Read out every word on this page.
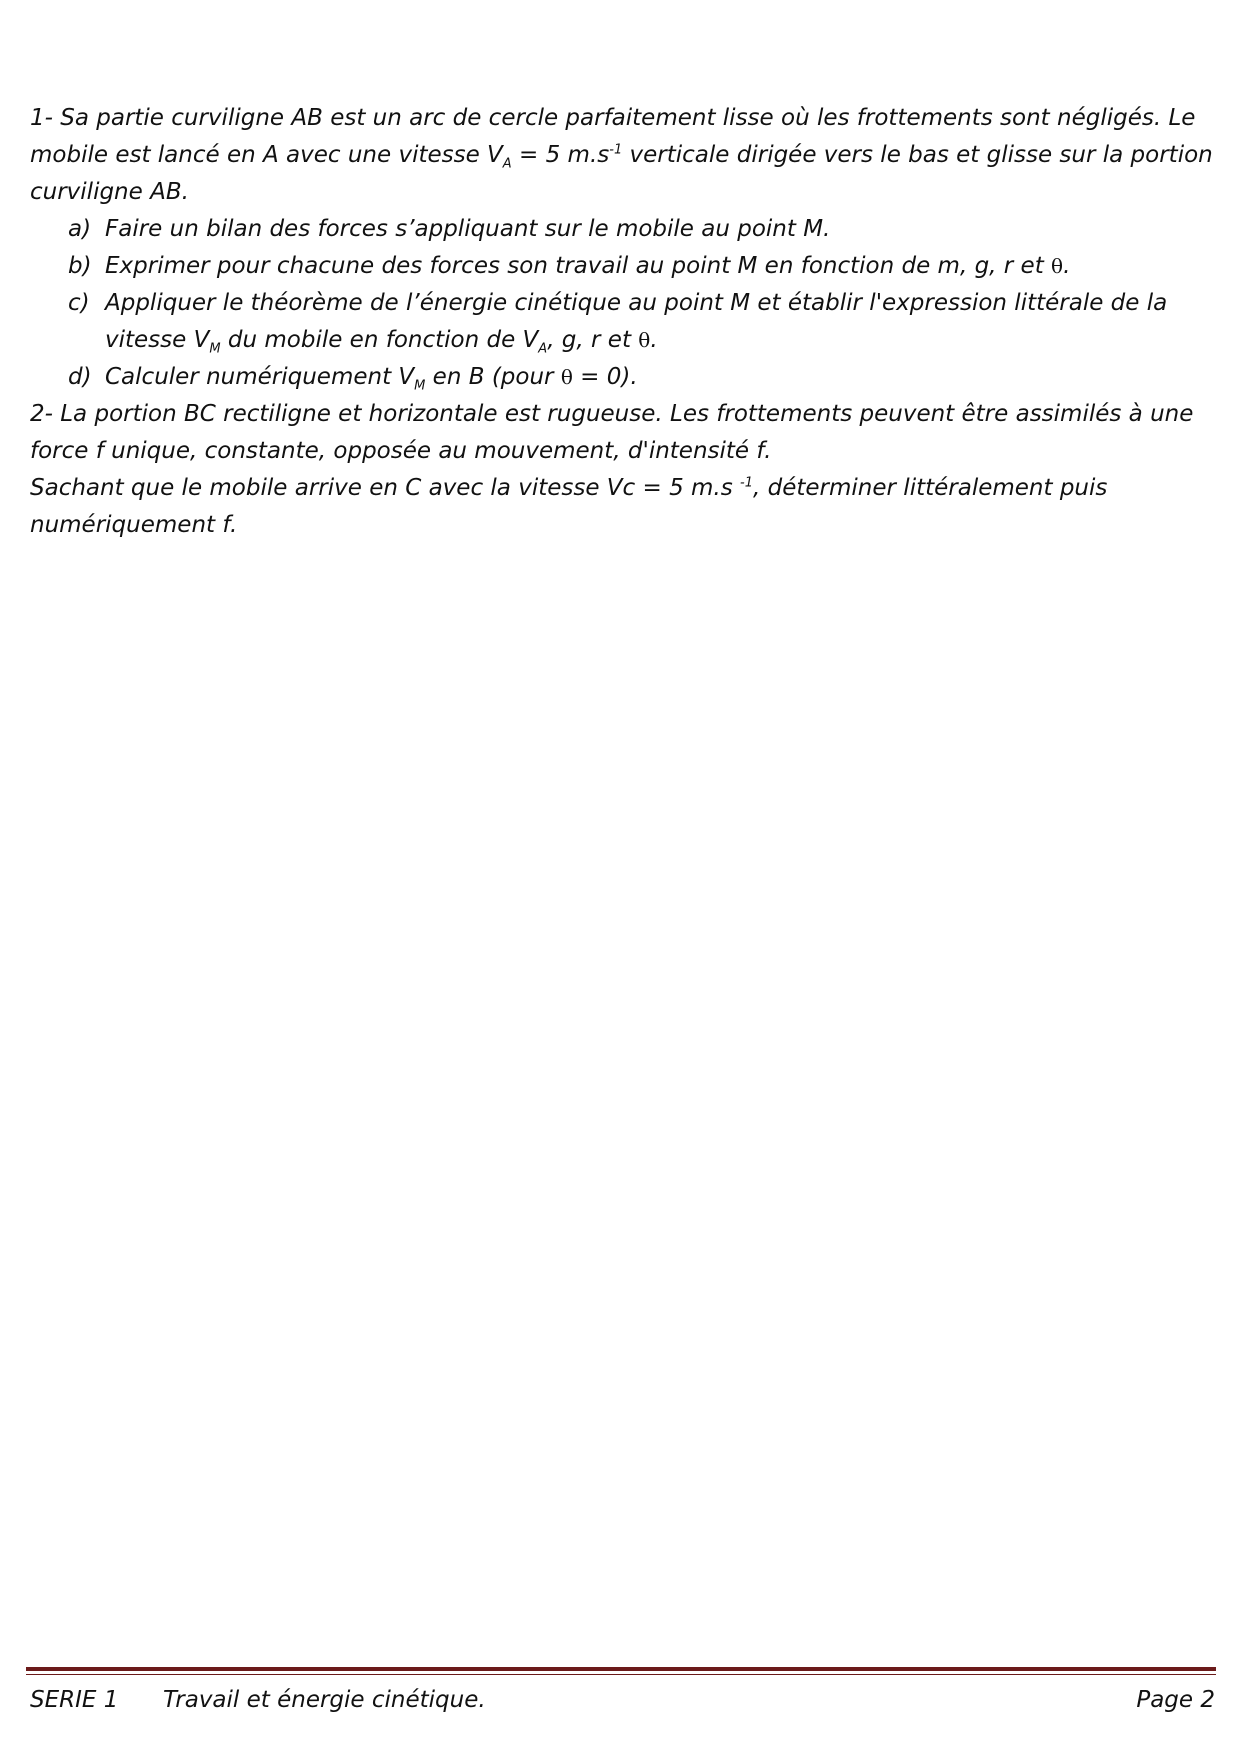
1- Sa partie curviligne AB est un arc de cercle parfaitement lisse où les frottements sont négligés. Le mobile est lancé en A avec une vitesse $V_A = 5$ $m.s^{-1}$ verticale dirigée vers le bas et glisse sur la portion curviligne AB.

a) Faire un bilan des forces s’appliquant sur le mobile au point M.
b) Exprimer pour chacune des forces son travail au point M en fonction de m, g, r et θ.
c) Appliquer le théorème de l’énergie cinétique au point M et établir l'expression littérale de la vitesse $V_M$ du mobile en fonction de $V_A$, g, r et θ.
d) Calculer numériquement $V_M$ en B (pour θ = 0).

2- La portion BC rectiligne et horizontale est rugueuse. Les frottements peuvent être assimilés à une force f unique, constante, opposée au mouvement, d'intensité f.
Sachant que le mobile arrive en C avec la vitesse Vc = 5 m.s $^{-1}$, déterminer littéralement puis numériquement f.

SERIE 1 Travail et énergie cinétique.	Page 2
